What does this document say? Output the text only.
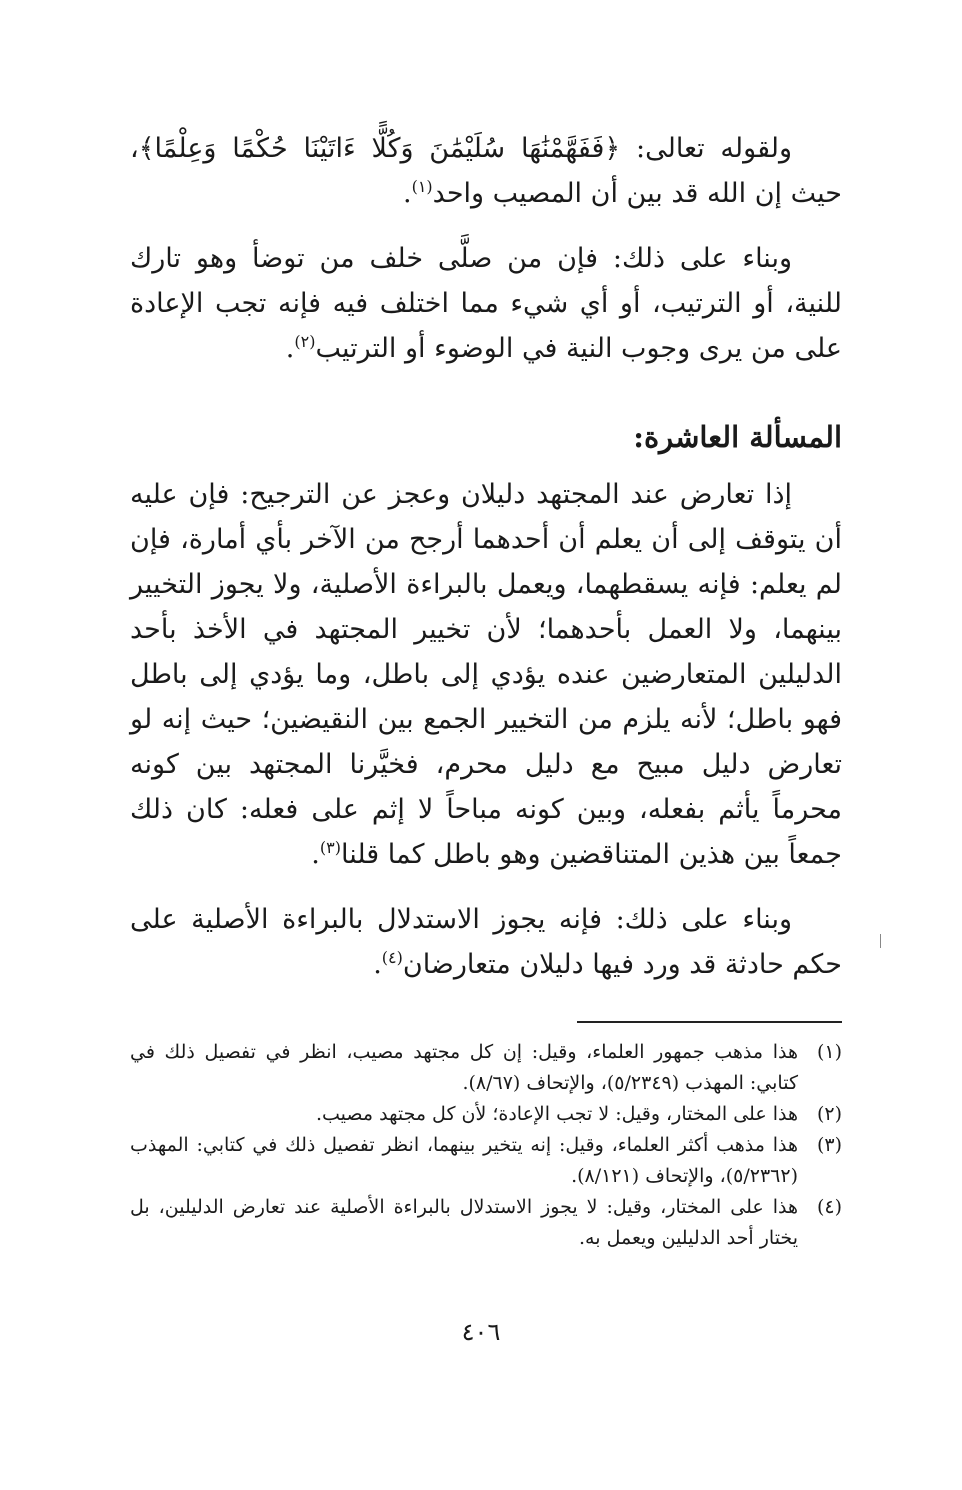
ولقوله تعالى: ﴿فَفَهَّمْنَٰهَا سُلَيْمَٰنَ وَكُلًّا ءَاتَيْنَا حُكْمًا وَعِلْمًا﴾، حيث إن الله قد بين أن المصيب واحد$^{(١)}$.

وبناء على ذلك: فإن من صلَّى خلف من توضأ وهو تارك للنية، أو الترتيب، أو أي شيء مما اختلف فيه فإنه تجب الإعادة على من يرى وجوب النية في الوضوء أو الترتيب$^{(٢)}$.

المسألة العاشرة:

إذا تعارض عند المجتهد دليلان وعجز عن الترجيح: فإن عليه أن يتوقف إلى أن يعلم أن أحدهما أرجح من الآخر بأي أمارة، فإن لم يعلم: فإنه يسقطهما، ويعمل بالبراءة الأصلية، ولا يجوز التخيير بينهما، ولا العمل بأحدهما؛ لأن تخيير المجتهد في الأخذ بأحد الدليلين المتعارضين عنده يؤدي إلى باطل، وما يؤدي إلى باطل فهو باطل؛ لأنه يلزم من التخيير الجمع بين النقيضين؛ حيث إنه لو تعارض دليل مبيح مع دليل محرم، فخيَّرنا المجتهد بين كونه محرماً يأثم بفعله، وبين كونه مباحاً لا إثم على فعله: كان ذلك جمعاً بين هذين المتناقضين وهو باطل كما قلنا$^{(٣)}$.

وبناء على ذلك: فإنه يجوز الاستدلال بالبراءة الأصلية على حكم حادثة قد ورد فيها دليلان متعارضان$^{(٤)}$.

(١)
هذا مذهب جمهور العلماء، وقيل: إن كل مجتهد مصيب، انظر في تفصيل ذلك في كتابي: المهذب (٥/٢٣٤٩)، والإتحاف (٨/٦٧).
(٢)
هذا على المختار، وقيل: لا تجب الإعادة؛ لأن كل مجتهد مصيب.
(٣)
هذا مذهب أكثر العلماء، وقيل: إنه يتخير بينهما، انظر تفصيل ذلك في كتابي: المهذب (٥/٢٣٦٢)، والإتحاف (٨/١٢١).
(٤)
هذا على المختار، وقيل: لا يجوز الاستدلال بالبراءة الأصلية عند تعارض الدليلين، بل يختار أحد الدليلين ويعمل به.
٤٠٦
